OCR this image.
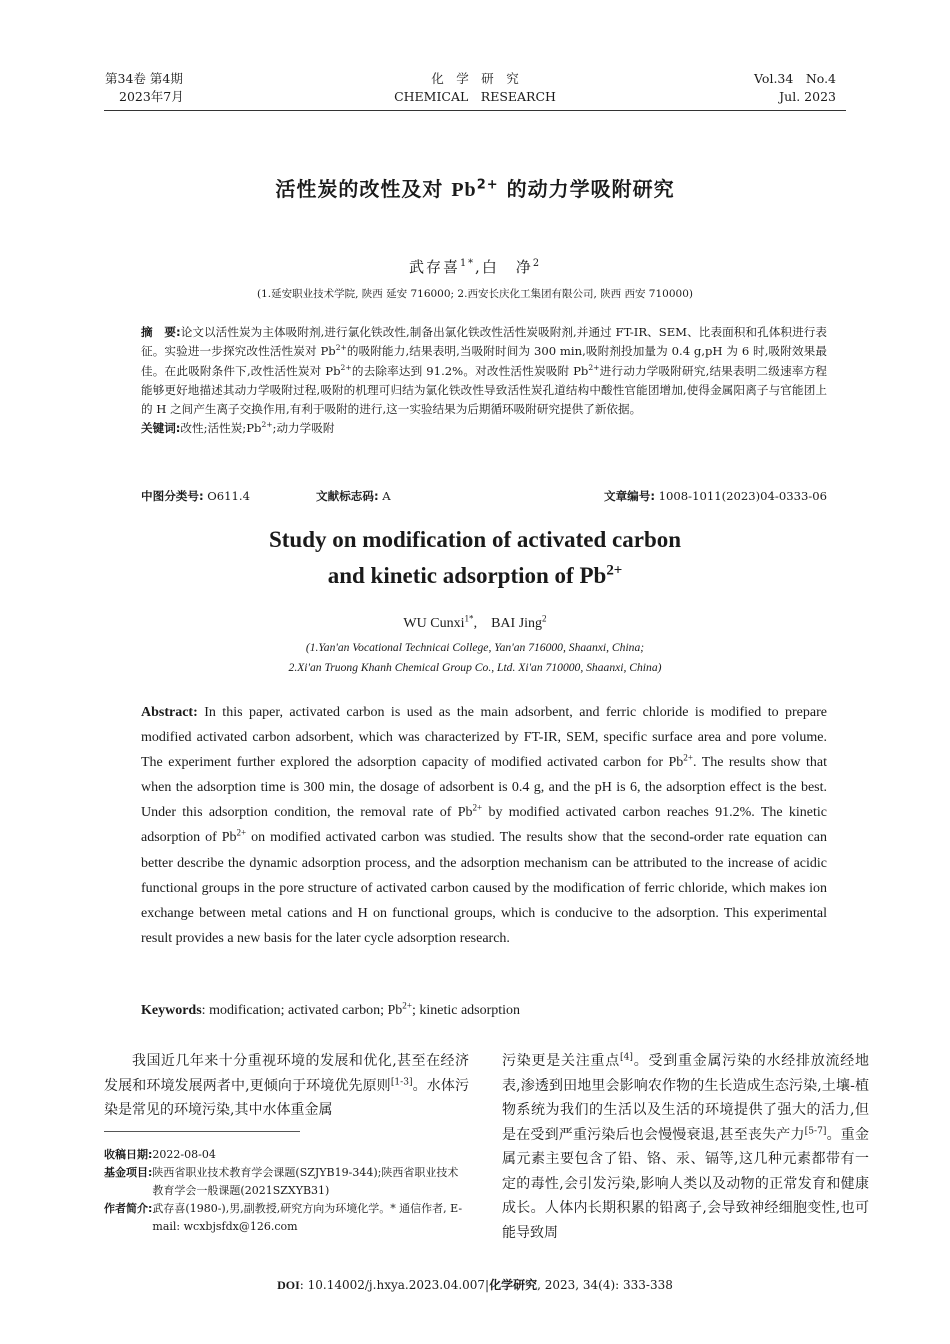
第34卷 第4期
2023年7月
化　学　研　究
CHEMICAL　RESEARCH
Vol.34　No.4
Jul. 2023
活性炭的改性及对 $Pb^{2+}$ 的动力学吸附研究
武存喜$^{1*}$,白　净$^2$
(1.延安职业技术学院, 陕西 延安 716000; 2.西安长庆化工集团有限公司, 陕西 西安 710000)
摘　要:论文以活性炭为主体吸附剂,进行氯化铁改性,制备出氯化铁改性活性炭吸附剂,并通过 FT-IR、SEM、比表面积和孔体积进行表征。实验进一步探究改性活性炭对 $Pb^{2+}$的吸附能力,结果表明,当吸附时间为 300 min,吸附剂投加量为 0.4 g,pH 为 6 时,吸附效果最佳。在此吸附条件下,改性活性炭对 $Pb^{2+}$的去除率达到 91.2%。对改性活性炭吸附 $Pb^{2+}$进行动力学吸附研究,结果表明二级速率方程能够更好地描述其动力学吸附过程,吸附的机理可归结为氯化铁改性导致活性炭孔道结构中酸性官能团增加,使得金属阳离子与官能团上的 H 之间产生离子交换作用,有利于吸附的进行,这一实验结果为后期循环吸附研究提供了新依据。
关键词:改性;活性炭$;Pb^{2+}$;动力学吸附
中图分类号: O611.4	文献标志码: A	文章编号: 1008-1011(2023)04-0333-06
Study on modification of activated carbon
and kinetic adsorption of $Pb^{2+}$
WU Cunxi$^{1*}$,　BAI Jing$^2$
(1.Yan'an Vocational Technicai College, Yan'an 716000, Shaanxi, China;
2.Xi'an Truong Khanh Chemical Group Co., Ltd. Xi'an 710000, Shaanxi, China)
Abstract: In this paper, activated carbon is used as the main adsorbent, and ferric chloride is modified to prepare modified activated carbon adsorbent, which was characterized by FT-IR, SEM, specific surface area and pore volume. The experiment further explored the adsorption capacity of modified activated carbon for $Pb^{2+}$. The results show that when the adsorption time is 300 min, the dosage of adsorbent is 0.4 g, and the pH is 6, the adsorption effect is the best. Under this adsorption condition, the removal rate of $Pb^{2+}$ by modified activated carbon reaches 91.2%. The kinetic adsorption of $Pb^{2+}$ on modified activated carbon was studied. The results show that the second-order rate equation can better describe the dynamic adsorption process, and the adsorption mechanism can be attributed to the increase of acidic functional groups in the pore structure of activated carbon caused by the modification of ferric chloride, which makes ion exchange between metal cations and H on functional groups, which is conducive to the adsorption. This experimental result provides a new basis for the later cycle adsorption research.
Keywords: modification; activated carbon; $Pb^{2+}$; kinetic adsorption

我国近几年来十分重视环境的发展和优化,甚至在经济发展和环境发展两者中,更倾向于环境优先原则[1-3]。水体污染是常见的环境污染,其中水体重金属

收稿日期: 2022-08-04
基金项目: 陕西省职业技术教育学会课题(SZJYB19-344);陕西省职业技术教育学会一般课题(2021SZXYB31)
作者简介: 武存喜(1980-),男,副教授,研究方向为环境化学。* 通信作者, E-mail: wcxbjsfdx@126.com

污染更是关注重点[4]。受到重金属污染的水经排放流经地表,渗透到田地里会影响农作物的生长造成生态污染,土壤-植物系统为我们的生活以及生活的环境提供了强大的活力,但是在受到严重污染后也会慢慢衰退,甚至丧失产力[5-7]。重金属元素主要包含了铅、铬、汞、镉等,这几种元素都带有一定的毒性,会引发污染,影响人类以及动物的正常发育和健康成长。人体内长期积累的铅离子,会导致神经细胞变性,也可能导致周

DOI: 10.14002/j.hxya.2023.04.007|化学研究, 2023, 34(4): 333-338
